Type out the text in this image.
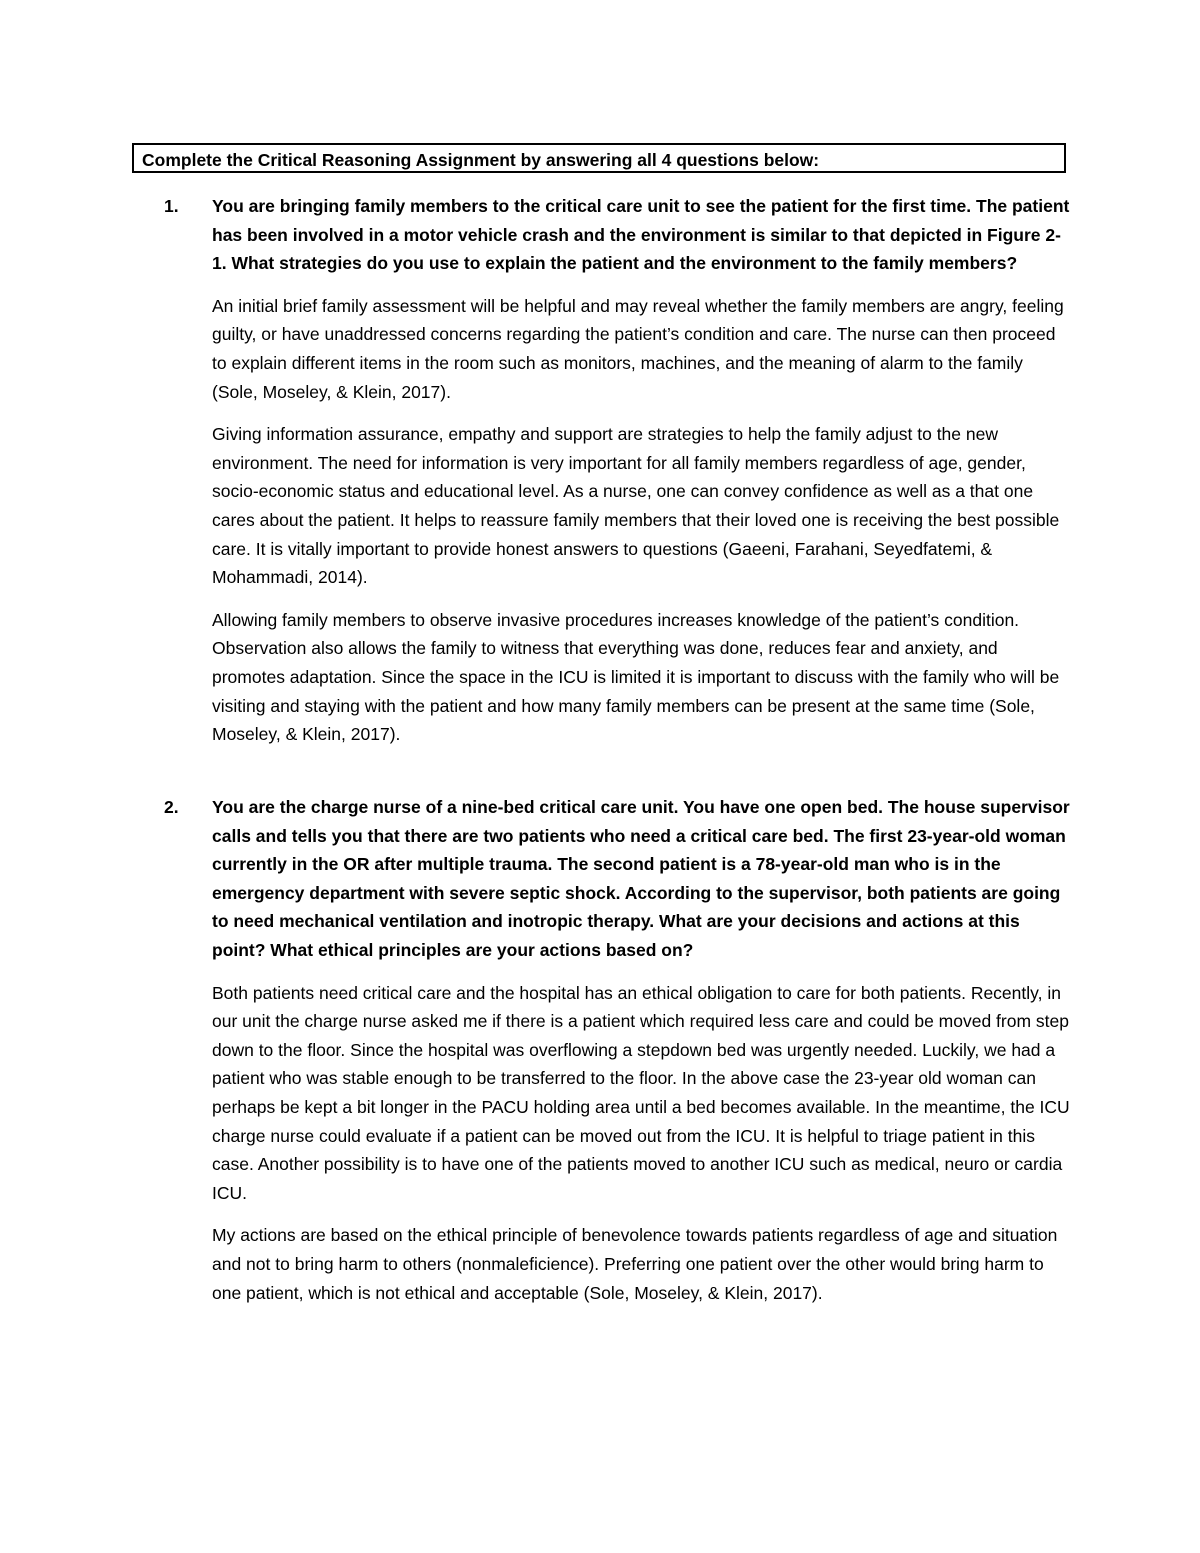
Complete the Critical Reasoning Assignment by answering all 4 questions below:
1. You are bringing family members to the critical care unit to see the patient for the first time. The patient has been involved in a motor vehicle crash and the environment is similar to that depicted in Figure 2-1. What strategies do you use to explain the patient and the environment to the family members?

An initial brief family assessment will be helpful and may reveal whether the family members are angry, feeling guilty, or have unaddressed concerns regarding the patient’s condition and care. The nurse can then proceed to explain different items in the room such as monitors, machines, and the meaning of alarm to the family (Sole, Moseley, & Klein, 2017).

Giving information assurance, empathy and support are strategies to help the family adjust to the new environment. The need for information is very important for all family members regardless of age, gender, socio-economic status and educational level. As a nurse, one can convey confidence as well as a that one cares about the patient. It helps to reassure family members that their loved one is receiving the best possible care. It is vitally important to provide honest answers to questions (Gaeeni, Farahani, Seyedfatemi, & Mohammadi, 2014).

Allowing family members to observe invasive procedures increases knowledge of the patient’s condition. Observation also allows the family to witness that everything was done, reduces fear and anxiety, and promotes adaptation. Since the space in the ICU is limited it is important to discuss with the family who will be visiting and staying with the patient and how many family members can be present at the same time (Sole, Moseley, & Klein, 2017).

2. You are the charge nurse of a nine-bed critical care unit. You have one open bed. The house supervisor calls and tells you that there are two patients who need a critical care bed. The first 23-year-old woman currently in the OR after multiple trauma. The second patient is a 78-year-old man who is in the emergency department with severe septic shock. According to the supervisor, both patients are going to need mechanical ventilation and inotropic therapy. What are your decisions and actions at this point? What ethical principles are your actions based on?

Both patients need critical care and the hospital has an ethical obligation to care for both patients. Recently, in our unit the charge nurse asked me if there is a patient which required less care and could be moved from step down to the floor. Since the hospital was overflowing a stepdown bed was urgently needed. Luckily, we had a patient who was stable enough to be transferred to the floor. In the above case the 23-year old woman can perhaps be kept a bit longer in the PACU holding area until a bed becomes available. In the meantime, the ICU charge nurse could evaluate if a patient can be moved out from the ICU. It is helpful to triage patient in this case. Another possibility is to have one of the patients moved to another ICU such as medical, neuro or cardia ICU.

My actions are based on the ethical principle of benevolence towards patients regardless of age and situation and not to bring harm to others (nonmaleficience). Preferring one patient over the other would bring harm to one patient, which is not ethical and acceptable (Sole, Moseley, & Klein, 2017).
